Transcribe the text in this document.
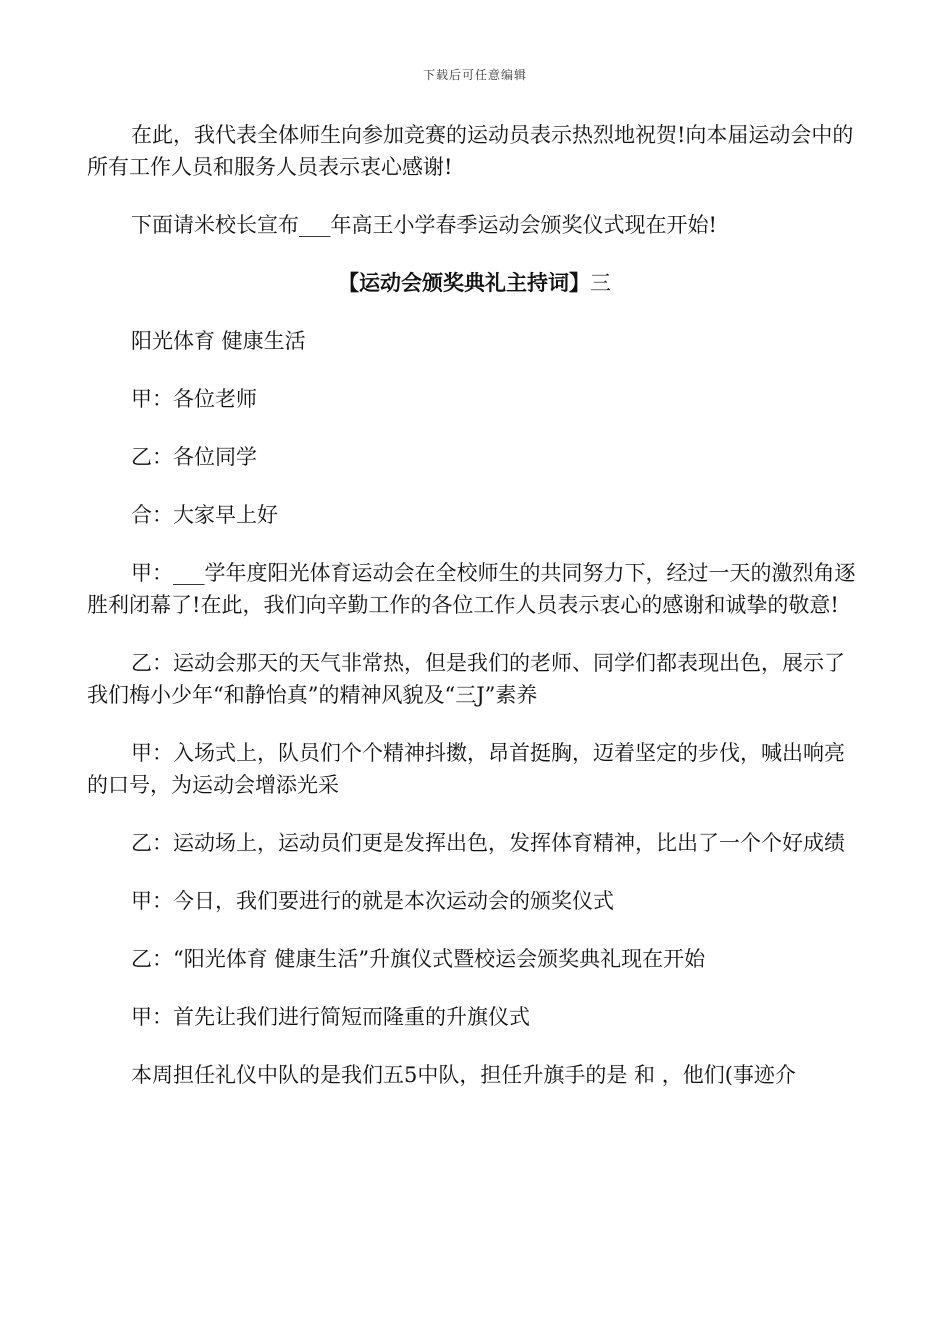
下载后可任意编辑

在此，我代表全体师生向参加竞赛的运动员表示热烈地祝贺!向本届运动会中的所有工作人员和服务人员表示衷心感谢!

下面请米校长宣布___年高王小学春季运动会颁奖仪式现在开始!

【运动会颁奖典礼主持词】三

阳光体育 健康生活

甲：各位老师

乙：各位同学

合：大家早上好

甲：___学年度阳光体育运动会在全校师生的共同努力下，经过一天的激烈角逐胜利闭幕了!在此，我们向辛勤工作的各位工作人员表示衷心的感谢和诚挚的敬意!

乙：运动会那天的天气非常热，但是我们的老师、同学们都表现出色，展示了我们梅小少年“和静怡真”的精神风貌及“三J”素养

甲：入场式上，队员们个个精神抖擞，昂首挺胸，迈着坚定的步伐，喊出响亮的口号，为运动会增添光采

乙：运动场上，运动员们更是发挥出色，发挥体育精神，比出了一个个好成绩

甲：今日，我们要进行的就是本次运动会的颁奖仪式

乙：“阳光体育 健康生活”升旗仪式暨校运会颁奖典礼现在开始

甲：首先让我们进行简短而隆重的升旗仪式

本周担任礼仪中队的是我们五5中队，担任升旗手的是 和 ，他们(事迹介
